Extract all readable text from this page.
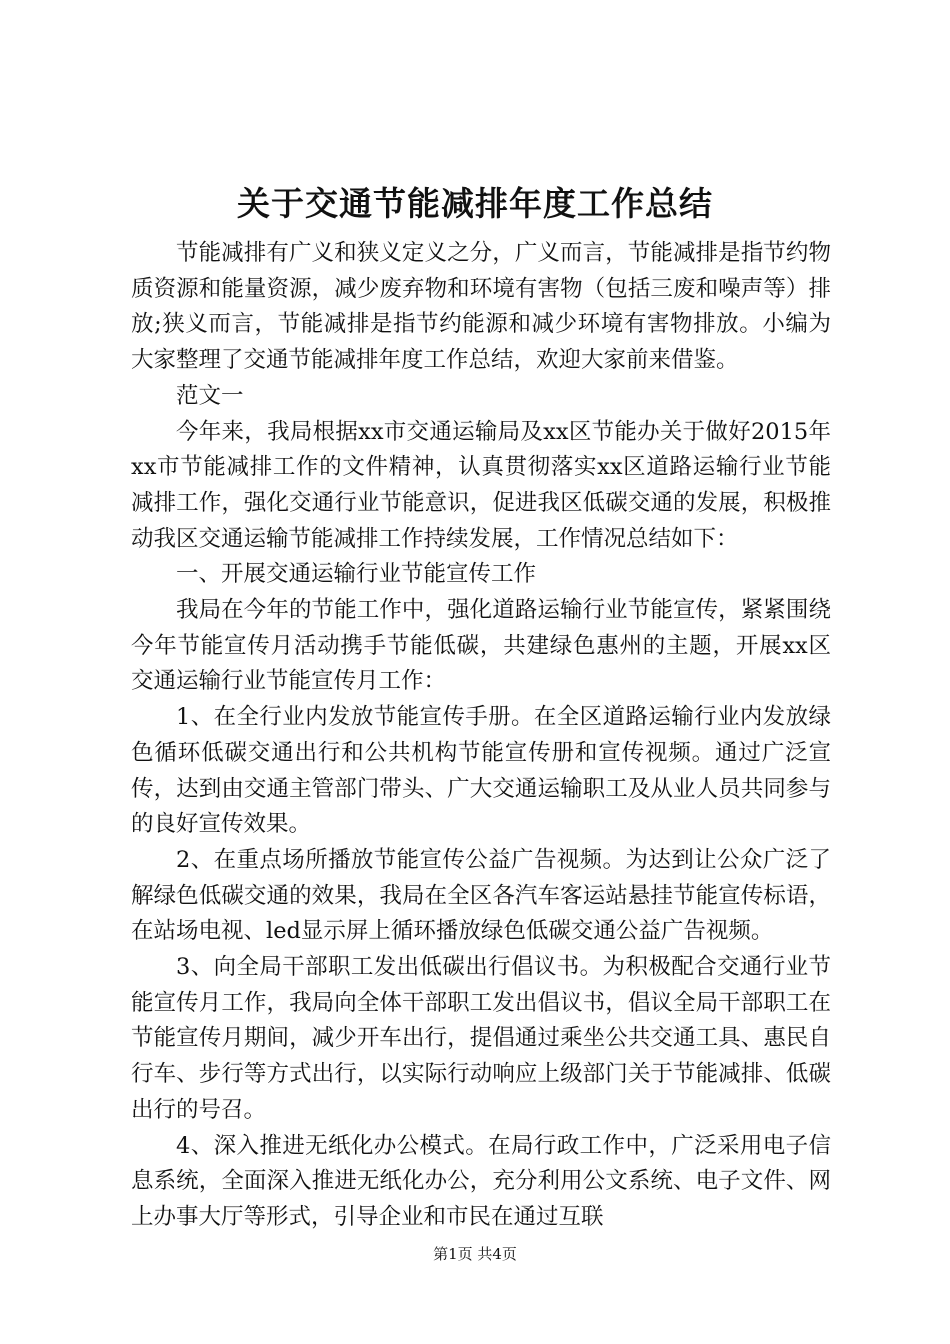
关于交通节能减排年度工作总结

节能减排有广义和狭义定义之分，广义而言，节能减排是指节约物质资源和能量资源，减少废弃物和环境有害物（包括三废和噪声等）排放;狭义而言，节能减排是指节约能源和减少环境有害物排放。小编为大家整理了交通节能减排年度工作总结，欢迎大家前来借鉴。

范文一

今年来，我局根据xx市交通运输局及xx区节能办关于做好2015年xx市节能减排工作的文件精神，认真贯彻落实xx区道路运输行业节能减排工作，强化交通行业节能意识，促进我区低碳交通的发展，积极推动我区交通运输节能减排工作持续发展，工作情况总结如下：

一、开展交通运输行业节能宣传工作

我局在今年的节能工作中，强化道路运输行业节能宣传，紧紧围绕今年节能宣传月活动携手节能低碳，共建绿色惠州的主题，开展xx区交通运输行业节能宣传月工作：

1、在全行业内发放节能宣传手册。在全区道路运输行业内发放绿色循环低碳交通出行和公共机构节能宣传册和宣传视频。通过广泛宣传，达到由交通主管部门带头、广大交通运输职工及从业人员共同参与的良好宣传效果。

2、在重点场所播放节能宣传公益广告视频。为达到让公众广泛了解绿色低碳交通的效果，我局在全区各汽车客运站悬挂节能宣传标语，在站场电视、led显示屏上循环播放绿色低碳交通公益广告视频。

3、向全局干部职工发出低碳出行倡议书。为积极配合交通行业节能宣传月工作，我局向全体干部职工发出倡议书，倡议全局干部职工在节能宣传月期间，减少开车出行，提倡通过乘坐公共交通工具、惠民自行车、步行等方式出行，以实际行动响应上级部门关于节能减排、低碳出行的号召。

4、深入推进无纸化办公模式。在局行政工作中，广泛采用电子信息系统，全面深入推进无纸化办公，充分利用公文系统、电子文件、网上办事大厅等形式，引导企业和市民在通过互联

第1页 共4页
